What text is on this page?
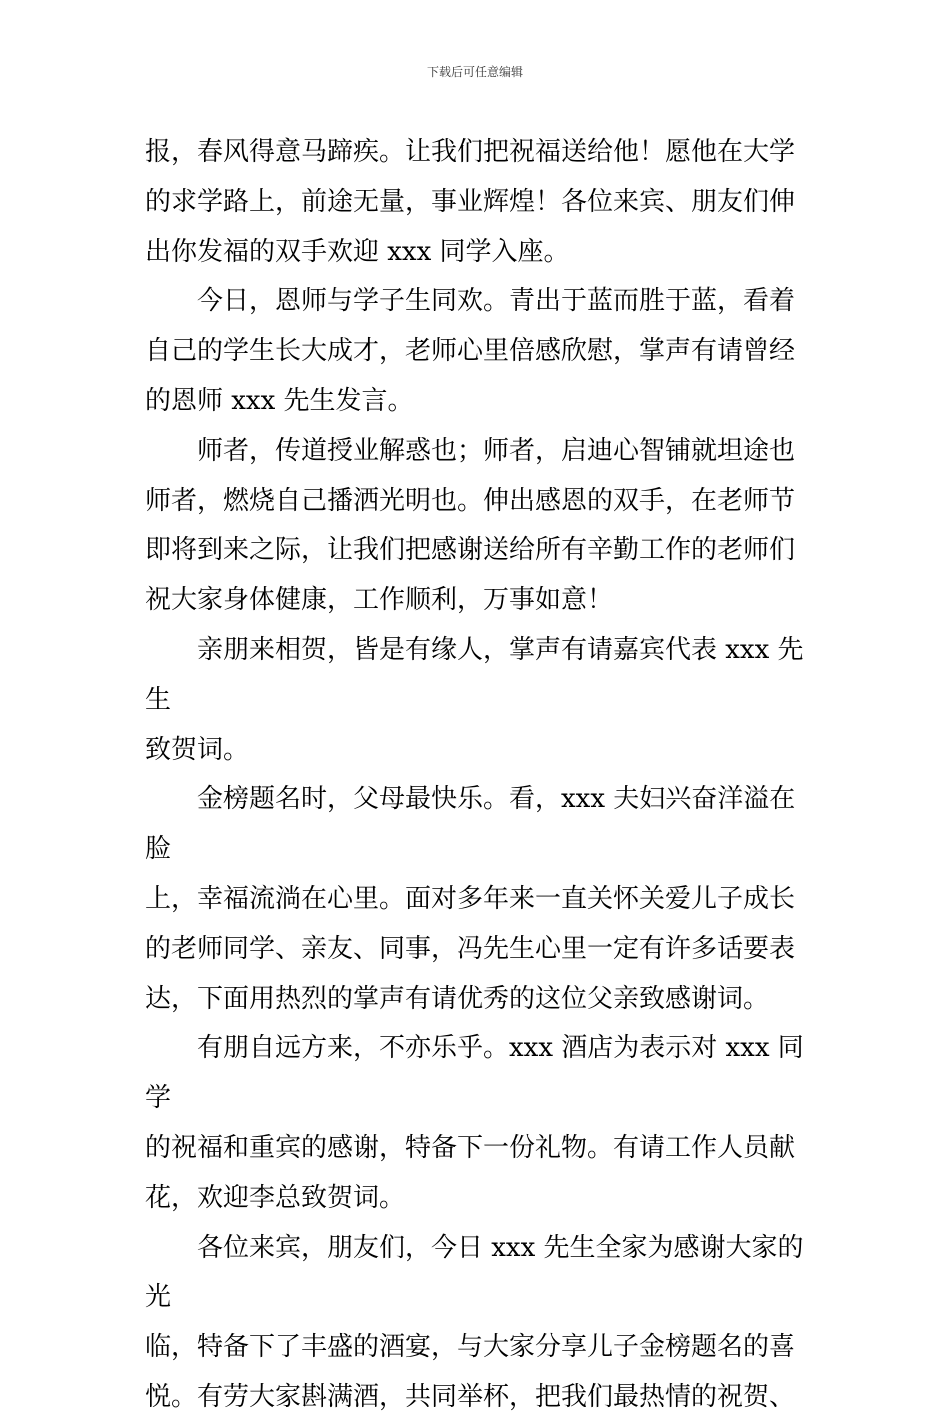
下载后可任意编辑

报，春风得意马蹄疾。让我们把祝福送给他！愿他在大学
的求学路上，前途无量，事业辉煌！各位来宾、朋友们伸
出你发福的双手欢迎 xxx 同学入座。

今日，恩师与学子生同欢。青出于蓝而胜于蓝，看着
自己的学生长大成才，老师心里倍感欣慰，掌声有请曾经
的恩师 xxx 先生发言。

师者，传道授业解惑也；师者，启迪心智铺就坦途也
师者，燃烧自己播洒光明也。伸出感恩的双手，在老师节
即将到来之际，让我们把感谢送给所有辛勤工作的老师们
祝大家身体健康，工作顺利，万事如意！

亲朋来相贺，皆是有缘人，掌声有请嘉宾代表 xxx 先生
致贺词。

金榜题名时，父母最快乐。看，xxx 夫妇兴奋洋溢在脸
上，幸福流淌在心里。面对多年来一直关怀关爱儿子成长
的老师同学、亲友、同事，冯先生心里一定有许多话要表
达，下面用热烈的掌声有请优秀的这位父亲致感谢词。

有朋自远方来，不亦乐乎。xxx 酒店为表示对 xxx 同学
的祝福和重宾的感谢，特备下一份礼物。有请工作人员献
花，欢迎李总致贺词。

各位来宾，朋友们，今日 xxx 先生全家为感谢大家的光
临，特备下了丰盛的酒宴，与大家分享儿子金榜题名的喜
悦。有劳大家斟满酒，共同举杯，把我们最热情的祝贺、
